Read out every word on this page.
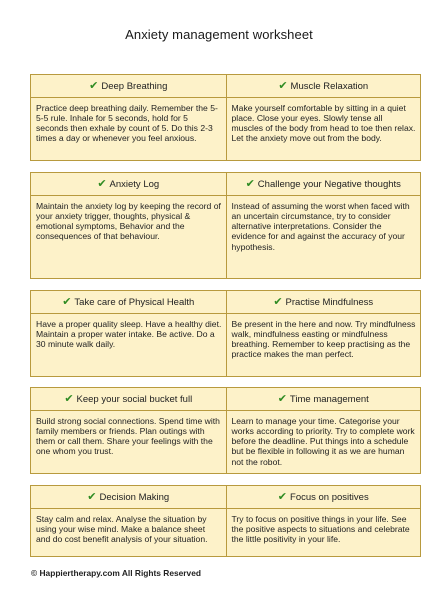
Anxiety management worksheet
✔ Deep Breathing
Practice deep breathing daily. Remember the 5-5-5 rule. Inhale for 5 seconds, hold for 5 seconds then exhale by count of 5. Do this 2-3 times a day or whenever you feel anxious.
✔ Muscle Relaxation
Make yourself comfortable by sitting in a quiet place. Close your eyes. Slowly tense all muscles of the body from head to toe then relax. Let the anxiety move out from the body.
✔ Anxiety Log
Maintain the anxiety log by keeping the record of your anxiety trigger, thoughts, physical & emotional symptoms, Behavior and the consequences of that behaviour.
✔ Challenge your Negative thoughts
Instead of assuming the worst when faced with an uncertain circumstance, try to consider alternative interpretations. Consider the evidence for and against the accuracy of your hypothesis.
✔ Take care of Physical Health
Have a proper quality sleep. Have a healthy diet. Maintain a proper water intake. Be active. Do a 30 minute walk daily.
✔ Practise Mindfulness
Be present in the here and now. Try mindfulness walk, mindfulness easting or mindfulness breathing. Remember to keep practising as the practice makes the man perfect.
✔ Keep your social bucket full
Build strong social connections. Spend time with family members or friends. Plan outings with them or call them. Share your feelings with the one whom you trust.
✔ Time management
Learn to manage your time. Categorise your works according to priority. Try to complete work before the deadline. Put things into a schedule but be flexible in following it as we are human not the robot.
✔ Decision Making
Stay calm and relax. Analyse the situation by using your wise mind. Make a balance sheet and do cost benefit analysis of your situation.
✔ Focus on positives
Try to focus on positive things in your life. See the positive aspects to situations and celebrate the little positivity in your life.
© Happiertherapy.com All Rights Reserved
